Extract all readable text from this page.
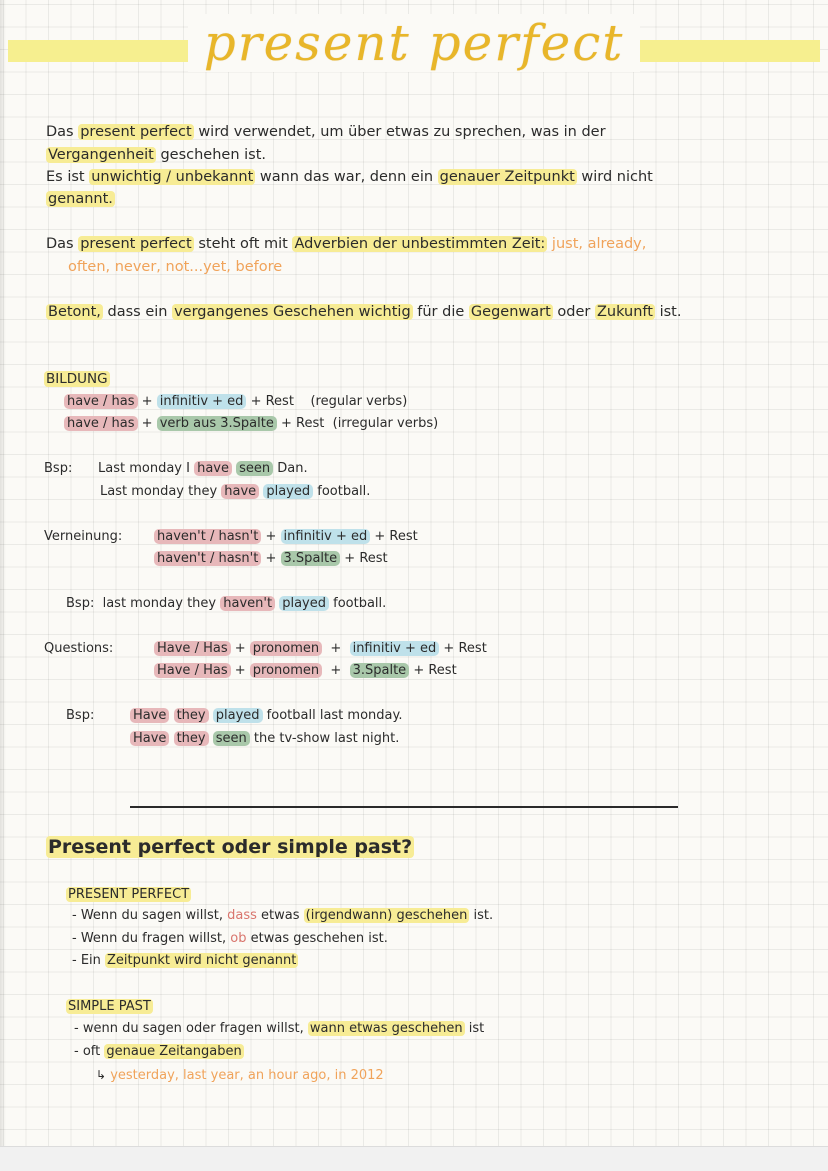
present perfect
Das present perfect wird verwendet, um über etwas zu sprechen, was in der
Vergangenheit geschehen ist.
Es ist unwichtig / unbekannt wann das war, denn ein genauer Zeitpunkt wird nicht
genannt.
Das present perfect steht oft mit Adverbien der unbestimmten Zeit: just, already,
often, never, not...yet, before
Betont, dass ein vergangenes Geschehen wichtig für die Gegenwart oder Zukunft ist.
BILDUNG
have / has + infinitiv + ed + Rest (regular verbs)
have / has + verb aus 3.Spalte + Rest (irregular verbs)
Bsp: Last monday I have seen Dan.
Last monday they have played football.
Verneinung:	haven't / hasn't + infinitiv + ed + Rest
haven't / hasn't + 3.Spalte + Rest
Bsp: last monday they haven't played football.
Questions:	Have / Has + pronomen + infinitiv + ed + Rest
Have / Has + pronomen + 3.Spalte + Rest
Bsp:	Have they played football last monday.
Have they seen the tv-show last night.
Present perfect oder simple past?
PRESENT PERFECT
- Wenn du sagen willst, dass etwas (irgendwann) geschehen ist.
- Wenn du fragen willst, ob etwas geschehen ist.
- Ein Zeitpunkt wird nicht genannt
SIMPLE PAST
- wenn du sagen oder fragen willst, wann etwas geschehen ist
- oft genaue Zeitangaben
↳ yesterday, last year, an hour ago, in 2012
